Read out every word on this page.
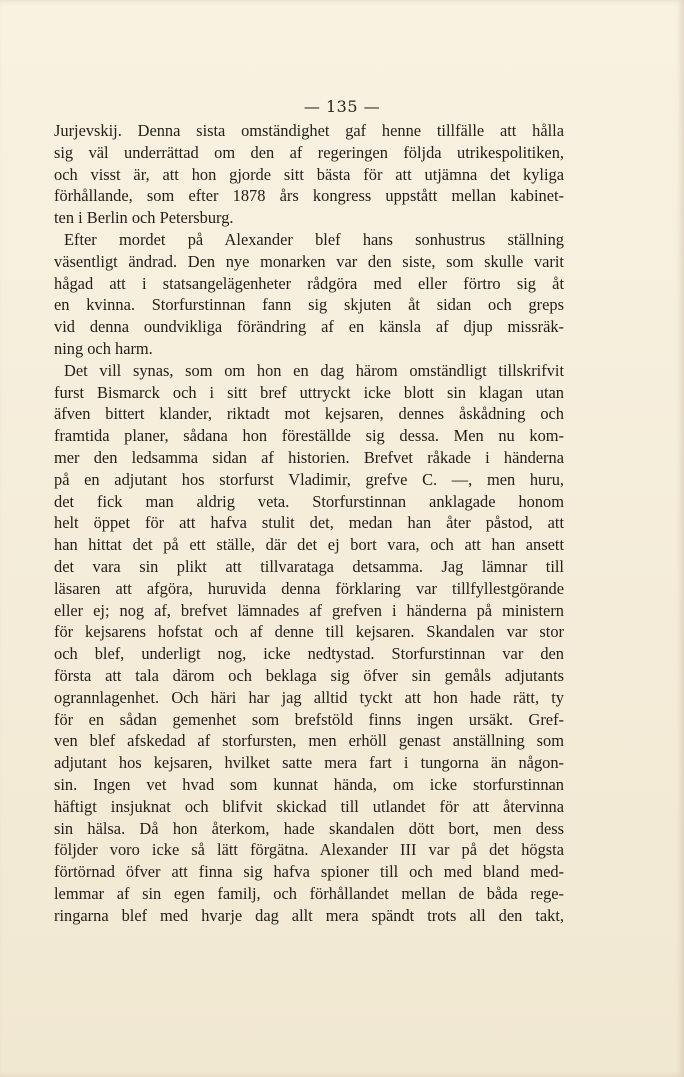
— 135 —
Jurjevskij. Denna sista omständighet gaf henne tillfälle att hålla
sig väl underrättad om den af regeringen följda utrikespolitiken,
och visst är, att hon gjorde sitt bästa för att utjämna det kyliga
förhållande, som efter 1878 års kongress uppstått mellan kabinet-
ten i Berlin och Petersburg.
Efter mordet på Alexander blef hans sonhustrus ställning
väsentligt ändrad. Den nye monarken var den siste, som skulle varit
hågad att i statsangelägenheter rådgöra med eller förtro sig åt
en kvinna. Storfurstinnan fann sig skjuten åt sidan och greps
vid denna oundvikliga förändring af en känsla af djup missräk-
ning och harm.
Det vill synas, som om hon en dag härom omständligt tillskrifvit
furst Bismarck och i sitt bref uttryckt icke blott sin klagan utan
äfven bittert klander, riktadt mot kejsaren, dennes åskådning och
framtida planer, sådana hon föreställde sig dessa. Men nu kom-
mer den ledsamma sidan af historien. Brefvet råkade i händerna
på en adjutant hos storfurst Vladimir, grefve C. —, men huru,
det fick man aldrig veta. Storfurstinnan anklagade honom
helt öppet för att hafva stulit det, medan han åter påstod, att
han hittat det på ett ställe, där det ej bort vara, och att han ansett
det vara sin plikt att tillvaratagа detsamma. Jag lämnar till
läsaren att afgöra, huruvida denna förklaring var tillfyllestgörande
eller ej; nog af, brefvet lämnades af grefven i händerna på ministern
för kejsarens hofstat och af denne till kejsaren. Skandalen var stor
och blef, underligt nog, icke nedtystad. Storfurstinnan var den
första att tala därom och beklaga sig öfver sin gemåls adjutants
ogrannlagenhet. Och häri har jag alltid tyckt att hon hade rätt, ty
för en sådan gemenhet som brefstöld finns ingen ursäkt. Gref-
ven blef afskedad af storfursten, men erhöll genast anställning som
adjutant hos kejsaren, hvilket satte mera fart i tungorna än någon-
sin. Ingen vet hvad som kunnat hända, om icke storfurstinnan
häftigt insjuknat och blifvit skickad till utlandet för att återvinna
sin hälsa. Då hon återkom, hade skandalen dött bort, men dess
följder voro icke så lätt förgätna. Alexander III var på det högsta
förtörnad öfver att finna sig hafva spioner till och med bland med-
lemmar af sin egen familj, och förhållandet mellan de båda rege-
ringarna blef med hvarje dag allt mera spändt trots all den takt,
